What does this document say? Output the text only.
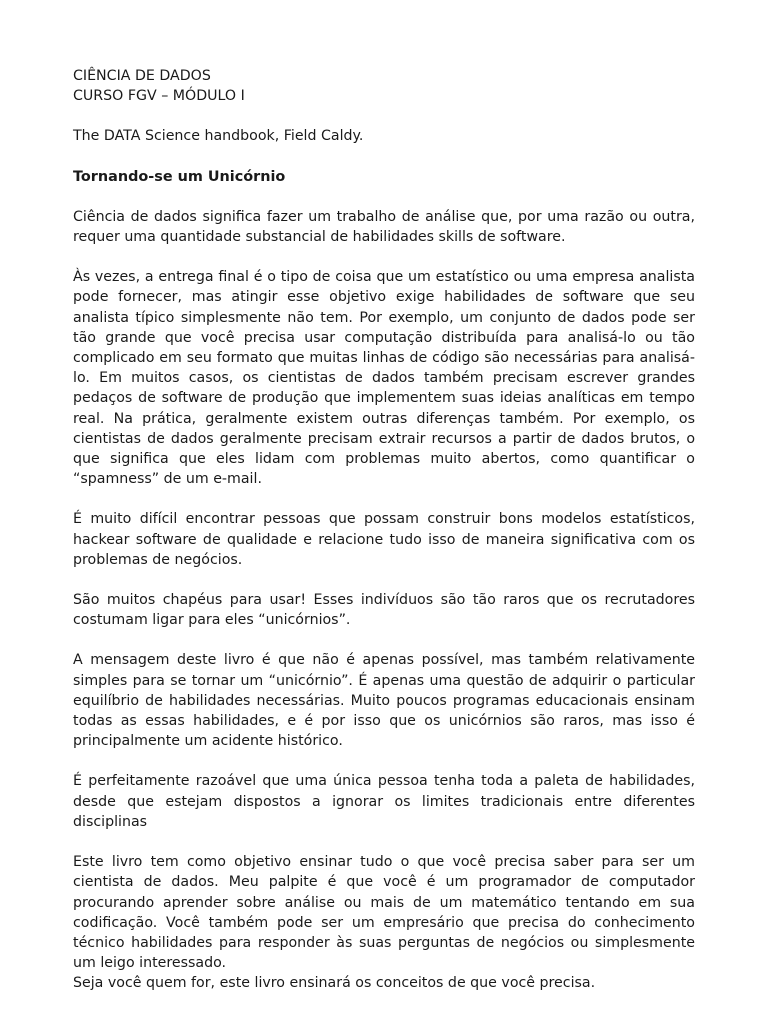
CIÊNCIA DE DADOS

CURSO FGV – MÓDULO I

The DATA Science handbook, Field Caldy.

Tornando-se um Unicórnio

Ciência de dados significa fazer um trabalho de análise que, por uma razão ou outra, requer uma quantidade substancial de habilidades skills de software.

Às vezes, a entrega final é o tipo de coisa que um estatístico ou uma empresa analista pode fornecer, mas atingir esse objetivo exige habilidades de software que seu analista típico simplesmente não tem. Por exemplo, um conjunto de dados pode ser tão grande que você precisa usar computação distribuída para analisá-lo ou tão complicado em seu formato que muitas linhas de código são necessárias para analisá-lo. Em muitos casos, os cientistas de dados também precisam escrever grandes pedaços de software de produção que implementem suas ideias analíticas em tempo real. Na prática, geralmente existem outras diferenças também. Por exemplo, os cientistas de dados geralmente precisam extrair recursos a partir de dados brutos, o que significa que eles lidam com problemas muito abertos, como quantificar o “spamness” de um e-mail.

É muito difícil encontrar pessoas que possam construir bons modelos estatísticos, hackear software de qualidade e relacione tudo isso de maneira significativa com os problemas de negócios.

São muitos chapéus para usar! Esses indivíduos são tão raros que os recrutadores costumam ligar para eles “unicórnios”.

A mensagem deste livro é que não é apenas possível, mas também relativamente simples para se tornar um “unicórnio”. É apenas uma questão de adquirir o particular equilíbrio de habilidades necessárias. Muito poucos programas educacionais ensinam todas as essas habilidades, e é por isso que os unicórnios são raros, mas isso é principalmente um acidente histórico.

É perfeitamente razoável que uma única pessoa tenha toda a paleta de habilidades, desde que estejam dispostos a ignorar os limites tradicionais entre diferentes disciplinas

Este livro tem como objetivo ensinar tudo o que você precisa saber para ser um cientista de dados. Meu palpite é que você é um programador de computador procurando aprender sobre análise ou mais de um matemático tentando em sua codificação. Você também pode ser um empresário que precisa do conhecimento técnico habilidades para responder às suas perguntas de negócios ou simplesmente um leigo interessado.

Seja você quem for, este livro ensinará os conceitos de que você precisa.
